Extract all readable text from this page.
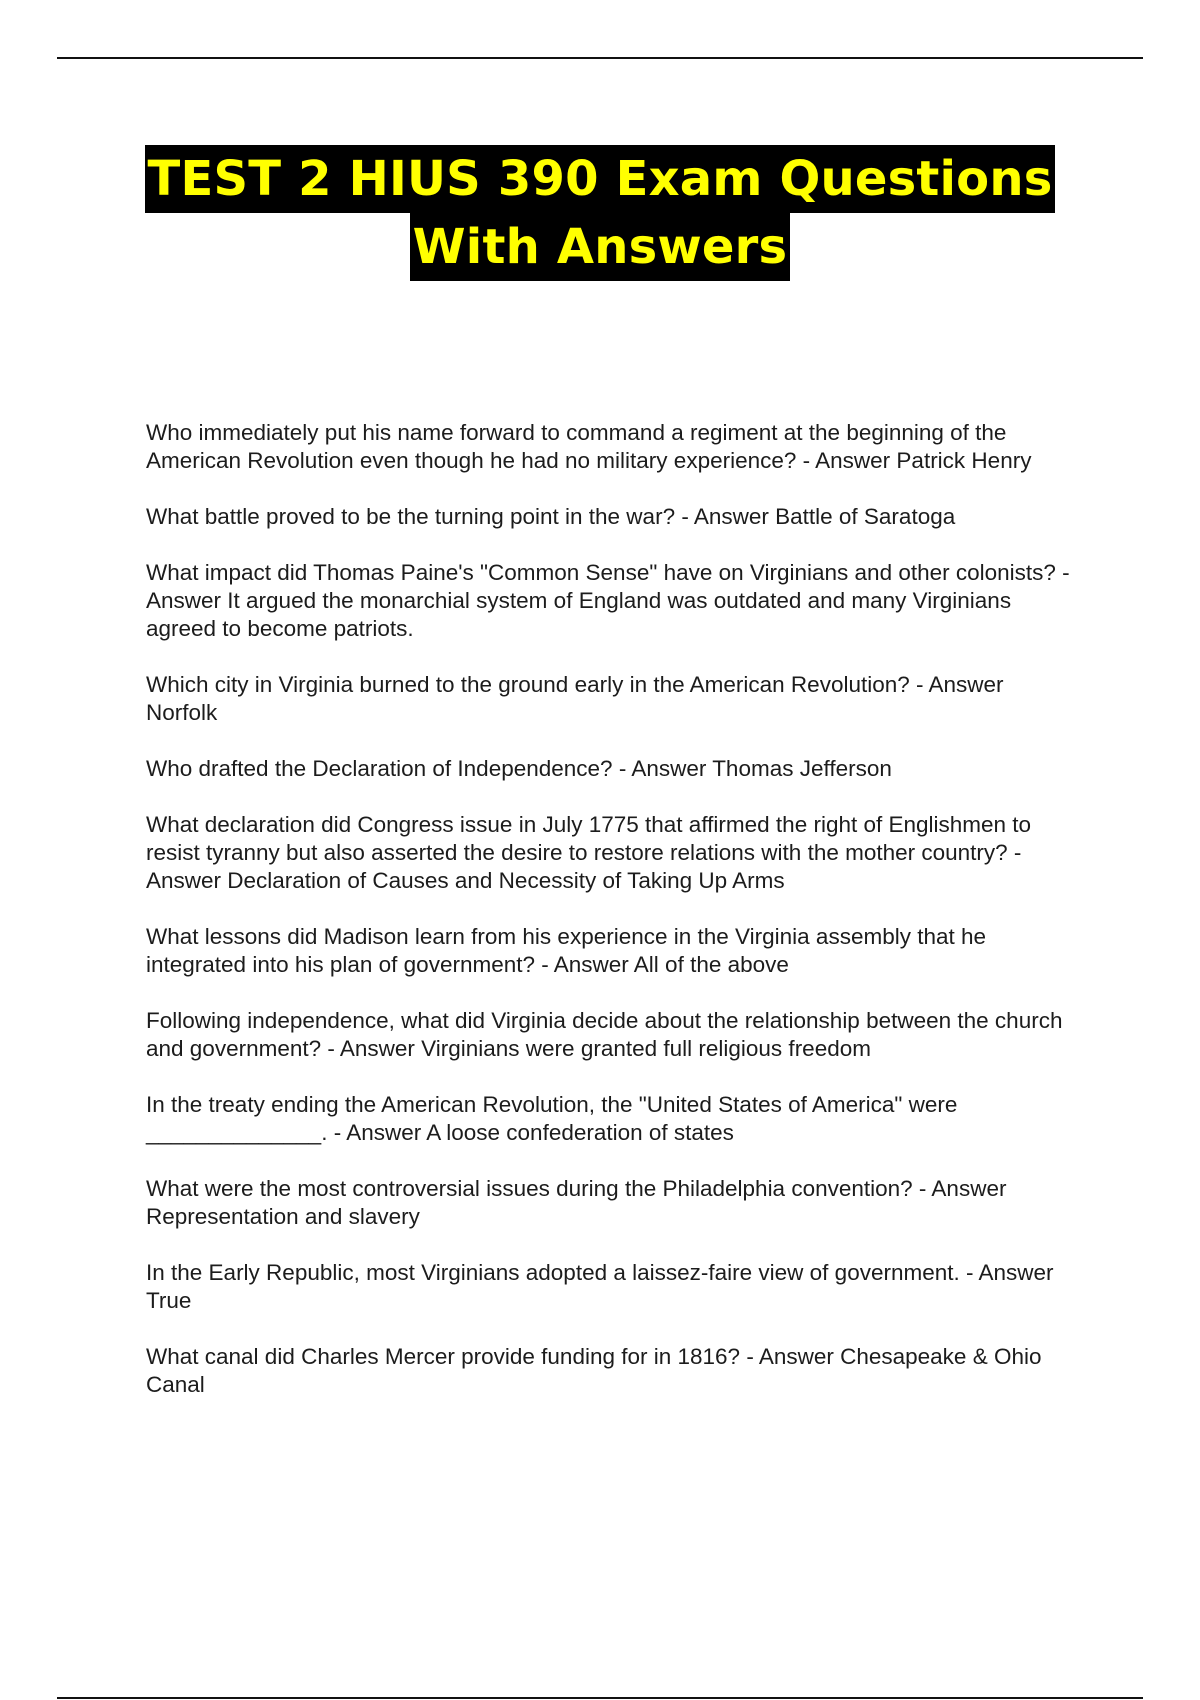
TEST 2 HIUS 390 Exam Questions
With Answers
Who immediately put his name forward to command a regiment at the beginning of the American Revolution even though he had no military experience? - Answer Patrick Henry
What battle proved to be the turning point in the war? - Answer Battle of Saratoga
What impact did Thomas Paine's "Common Sense" have on Virginians and other colonists? - Answer It argued the monarchial system of England was outdated and many Virginians agreed to become patriots.
Which city in Virginia burned to the ground early in the American Revolution? - Answer Norfolk
Who drafted the Declaration of Independence? - Answer Thomas Jefferson
What declaration did Congress issue in July 1775 that affirmed the right of Englishmen to resist tyranny but also asserted the desire to restore relations with the mother country? - Answer Declaration of Causes and Necessity of Taking Up Arms
What lessons did Madison learn from his experience in the Virginia assembly that he integrated into his plan of government? - Answer All of the above
Following independence, what did Virginia decide about the relationship between the church and government? - Answer Virginians were granted full religious freedom
In the treaty ending the American Revolution, the "United States of America" were ______________. - Answer A loose confederation of states
What were the most controversial issues during the Philadelphia convention? - Answer Representation and slavery
In the Early Republic, most Virginians adopted a laissez-faire view of government. - Answer True
What canal did Charles Mercer provide funding for in 1816? - Answer Chesapeake & Ohio Canal
